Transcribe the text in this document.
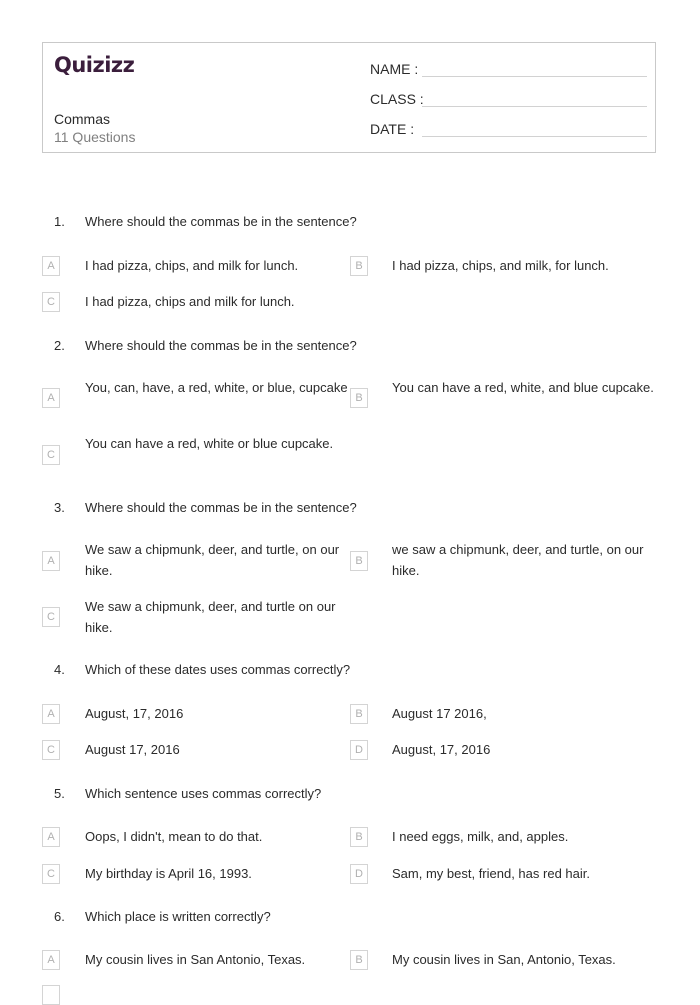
Quizizz
Commas
11 Questions
NAME :
CLASS :
DATE :
1. Where should the commas be in the sentence?
A	I had pizza, chips, and milk for lunch.	B	I had pizza, chips, and milk, for lunch.
C	I had pizza, chips and milk for lunch.
2. Where should the commas be in the sentence?
A
You, can, have, a red, white, or blue, cupcake
B
You can have a red, white, and blue cupcake.
C
You can have a red, white or blue cupcake.
3. Where should the commas be in the sentence?
A
We saw a chipmunk, deer, and turtle, on our hike.
B
we saw a chipmunk, deer, and turtle, on our hike.
C
We saw a chipmunk, deer, and turtle on our hike.
4. Which of these dates uses commas correctly?
A	August, 17, 2016	B	August 17 2016,
C	August 17, 2016	D	August, 17, 2016
5. Which sentence uses commas correctly?
A	Oops, I didn't, mean to do that.	B	I need eggs, milk, and, apples.
C	My birthday is April 16, 1993.	D	Sam, my best, friend, has red hair.
6. Which place is written correctly?
A	My cousin lives in San Antonio, Texas.	B	My cousin lives in San, Antonio, Texas.
